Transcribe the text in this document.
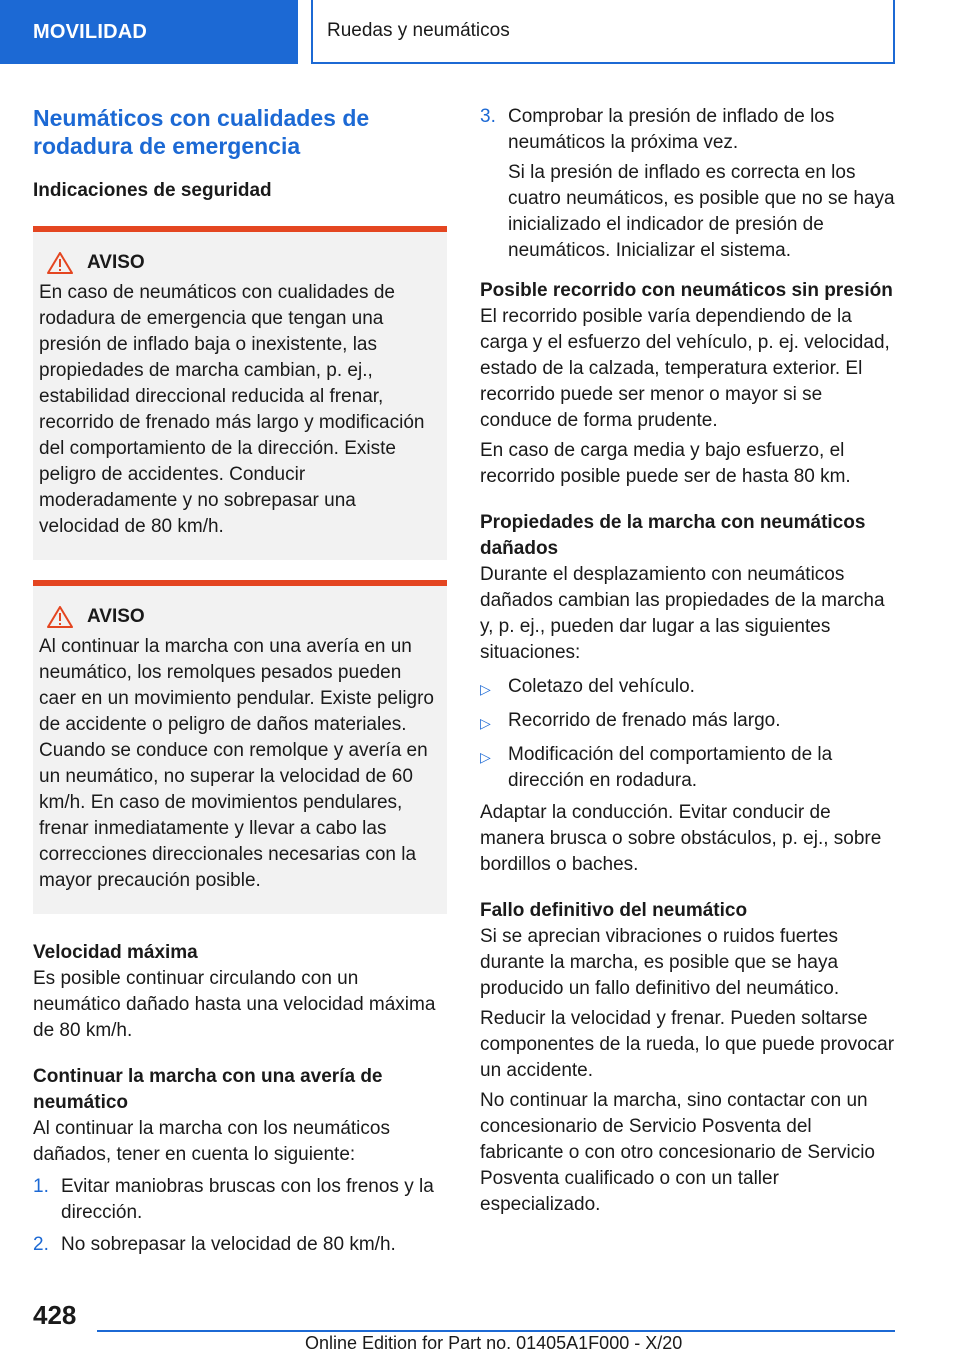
MOVILIDAD	Ruedas y neumáticos
Neumáticos con cualidades de rodadura de emergencia
Indicaciones de seguridad
AVISO

En caso de neumáticos con cualidades de rodadura de emergencia que tengan una presión de inflado baja o inexistente, las propiedades de marcha cambian, p. ej., estabilidad direccional reducida al frenar, recorrido de frenado más largo y modificación del comportamiento de la dirección. Existe peligro de accidentes. Conducir moderadamente y no sobrepasar una velocidad de 80 km/h.

AVISO

Al continuar la marcha con una avería en un neumático, los remolques pesados pueden caer en un movimiento pendular. Existe peligro de accidente o peligro de daños materiales. Cuando se conduce con remolque y avería en un neumático, no superar la velocidad de 60 km/h. En caso de movimientos pendulares, frenar inmediatamente y llevar a cabo las correcciones direccionales necesarias con la mayor precaución posible.

Velocidad máxima

Es posible continuar circulando con un neumático dañado hasta una velocidad máxima de 80 km/h.

Continuar la marcha con una avería de neumático

Al continuar la marcha con los neumáticos dañados, tener en cuenta lo siguiente:

1. Evitar maniobras bruscas con los frenos y la dirección.
2. No sobrepasar la velocidad de 80 km/h.
3. Comprobar la presión de inflado de los neumáticos la próxima vez.

Si la presión de inflado es correcta en los cuatro neumáticos, es posible que no se haya inicializado el indicador de presión de neumáticos. Inicializar el sistema.

Posible recorrido con neumáticos sin presión

El recorrido posible varía dependiendo de la carga y el esfuerzo del vehículo, p. ej. velocidad, estado de la calzada, temperatura exterior. El recorrido puede ser menor o mayor si se conduce de forma prudente.

En caso de carga media y bajo esfuerzo, el recorrido posible puede ser de hasta 80 km.

Propiedades de la marcha con neumáticos dañados

Durante el desplazamiento con neumáticos dañados cambian las propiedades de la marcha y, p. ej., pueden dar lugar a las siguientes situaciones:

▷ Coletazo del vehículo.
▷ Recorrido de frenado más largo.
▷ Modificación del comportamiento de la dirección en rodadura.

Adaptar la conducción. Evitar conducir de manera brusca o sobre obstáculos, p. ej., sobre bordillos o baches.

Fallo definitivo del neumático

Si se aprecian vibraciones o ruidos fuertes durante la marcha, es posible que se haya producido un fallo definitivo del neumático.

Reducir la velocidad y frenar. Pueden soltarse componentes de la rueda, lo que puede provocar un accidente.

No continuar la marcha, sino contactar con un concesionario de Servicio Posventa del fabricante o con otro concesionario de Servicio Posventa cualificado o con un taller especializado.

428
Online Edition for Part no. 01405A1F000 - X/20
